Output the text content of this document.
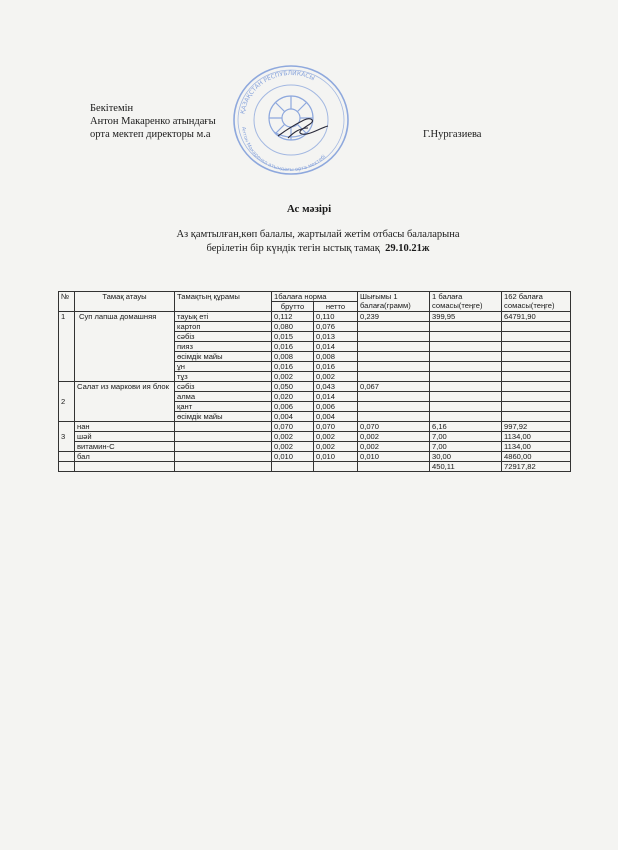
Бекітемін
Антон Макаренко атындағы
орта мектеп директоры м.а
ҚАЗАҚСТАН РЕСПУБЛИКАСЫ
Антон Макаренко атындағы орта мектебі
Г.Нургазиева
Ас мәзірі
Аз қамтылған,көп балалы, жартылай жетім отбасы балаларына
берілетін бір күндік тегін ыстық тамақ 29.10.21ж
№	Тамақ атауы	Тамақтың құрамы	1балаға норма		Шығымы 1 балаға(грамм)	1 балаға сомасы(теңге)	162 балаға сомасы(теңге)
			брутто	нетто			
1	Суп лапша домашняя	тауық еті	0,112	0,110	0,239	399,95	64791,90
		картоп	0,080	0,076			
		сәбіз	0,015	0,013			
		пияз	0,016	0,014			
		өсімдік майы	0,008	0,008			
		ұн	0,016	0,016			
		тұз	0,002	0,002			
2	Салат из маркови ия блок	сәбіз	0,050	0,043	0,067		
		алма	0,020	0,014			
		қант	0,006	0,006			
		өсімдік майы	0,004	0,004			
3	нан		0,070	0,070	0,070	6,16	997,92
	шәй		0,002	0,002	0,002	7,00	1134,00
	витамин-С		0,002	0,002	0,002	7,00	1134,00
	бал		0,010	0,010	0,010	30,00	4860,00
						450,11	72917,82
